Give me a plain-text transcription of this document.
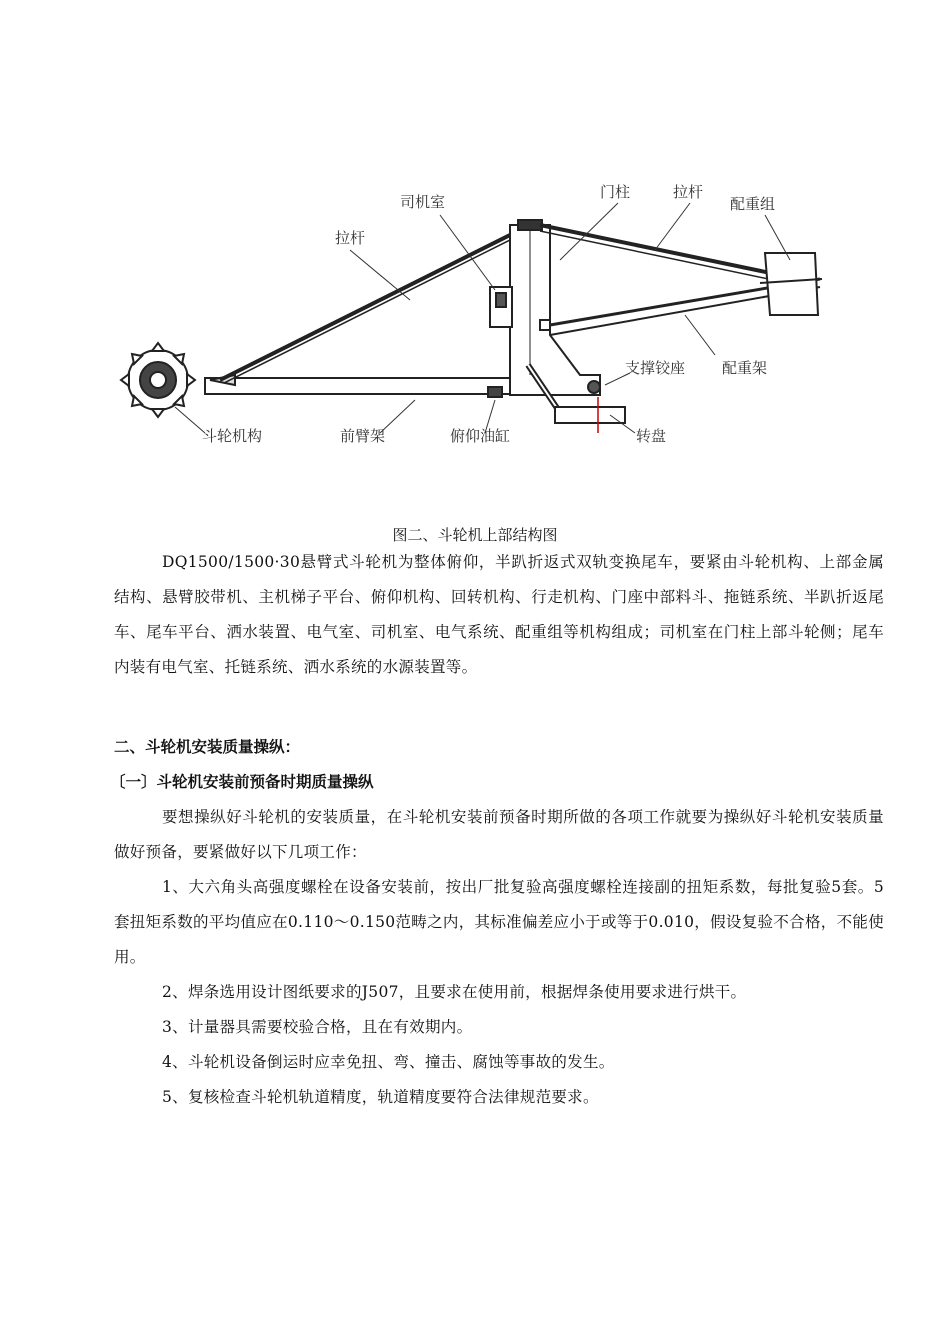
司机室
门柱	拉杆
配重组
拉杆
支撑铰座 配重架
斗轮机构	前臂架	俯仰油缸	转盘
图二、斗轮机上部结构图

DQ1500/1500·30悬臂式斗轮机为整体俯仰，半趴折返式双轨变换尾车，要紧由斗轮机构、上部金属结构、悬臂胶带机、主机梯子平台、俯仰机构、回转机构、行走机构、门座中部料斗、拖链系统、半趴折返尾车、尾车平台、洒水装置、电气室、司机室、电气系统、配重组等机构组成；司机室在门柱上部斗轮侧；尾车内装有电气室、托链系统、洒水系统的水源装置等。

二、斗轮机安装质量操纵：
〔一〕斗轮机安装前预备时期质量操纵

要想操纵好斗轮机的安装质量，在斗轮机安装前预备时期所做的各项工作就要为操纵好斗轮机安装质量做好预备，要紧做好以下几项工作：

1、大六角头高强度螺栓在设备安装前，按出厂批复验高强度螺栓连接副的扭矩系数，每批复验5套。5套扭矩系数的平均值应在0.110～0.150范畴之内，其标准偏差应小于或等于0.010，假设复验不合格，不能使用。

2、焊条选用设计图纸要求的J507，且要求在使用前，根据焊条使用要求进行烘干。

3、计量器具需要校验合格，且在有效期内。

4、斗轮机设备倒运时应幸免扭、弯、撞击、腐蚀等事故的发生。

5、复核检查斗轮机轨道精度，轨道精度要符合法律规范要求。
